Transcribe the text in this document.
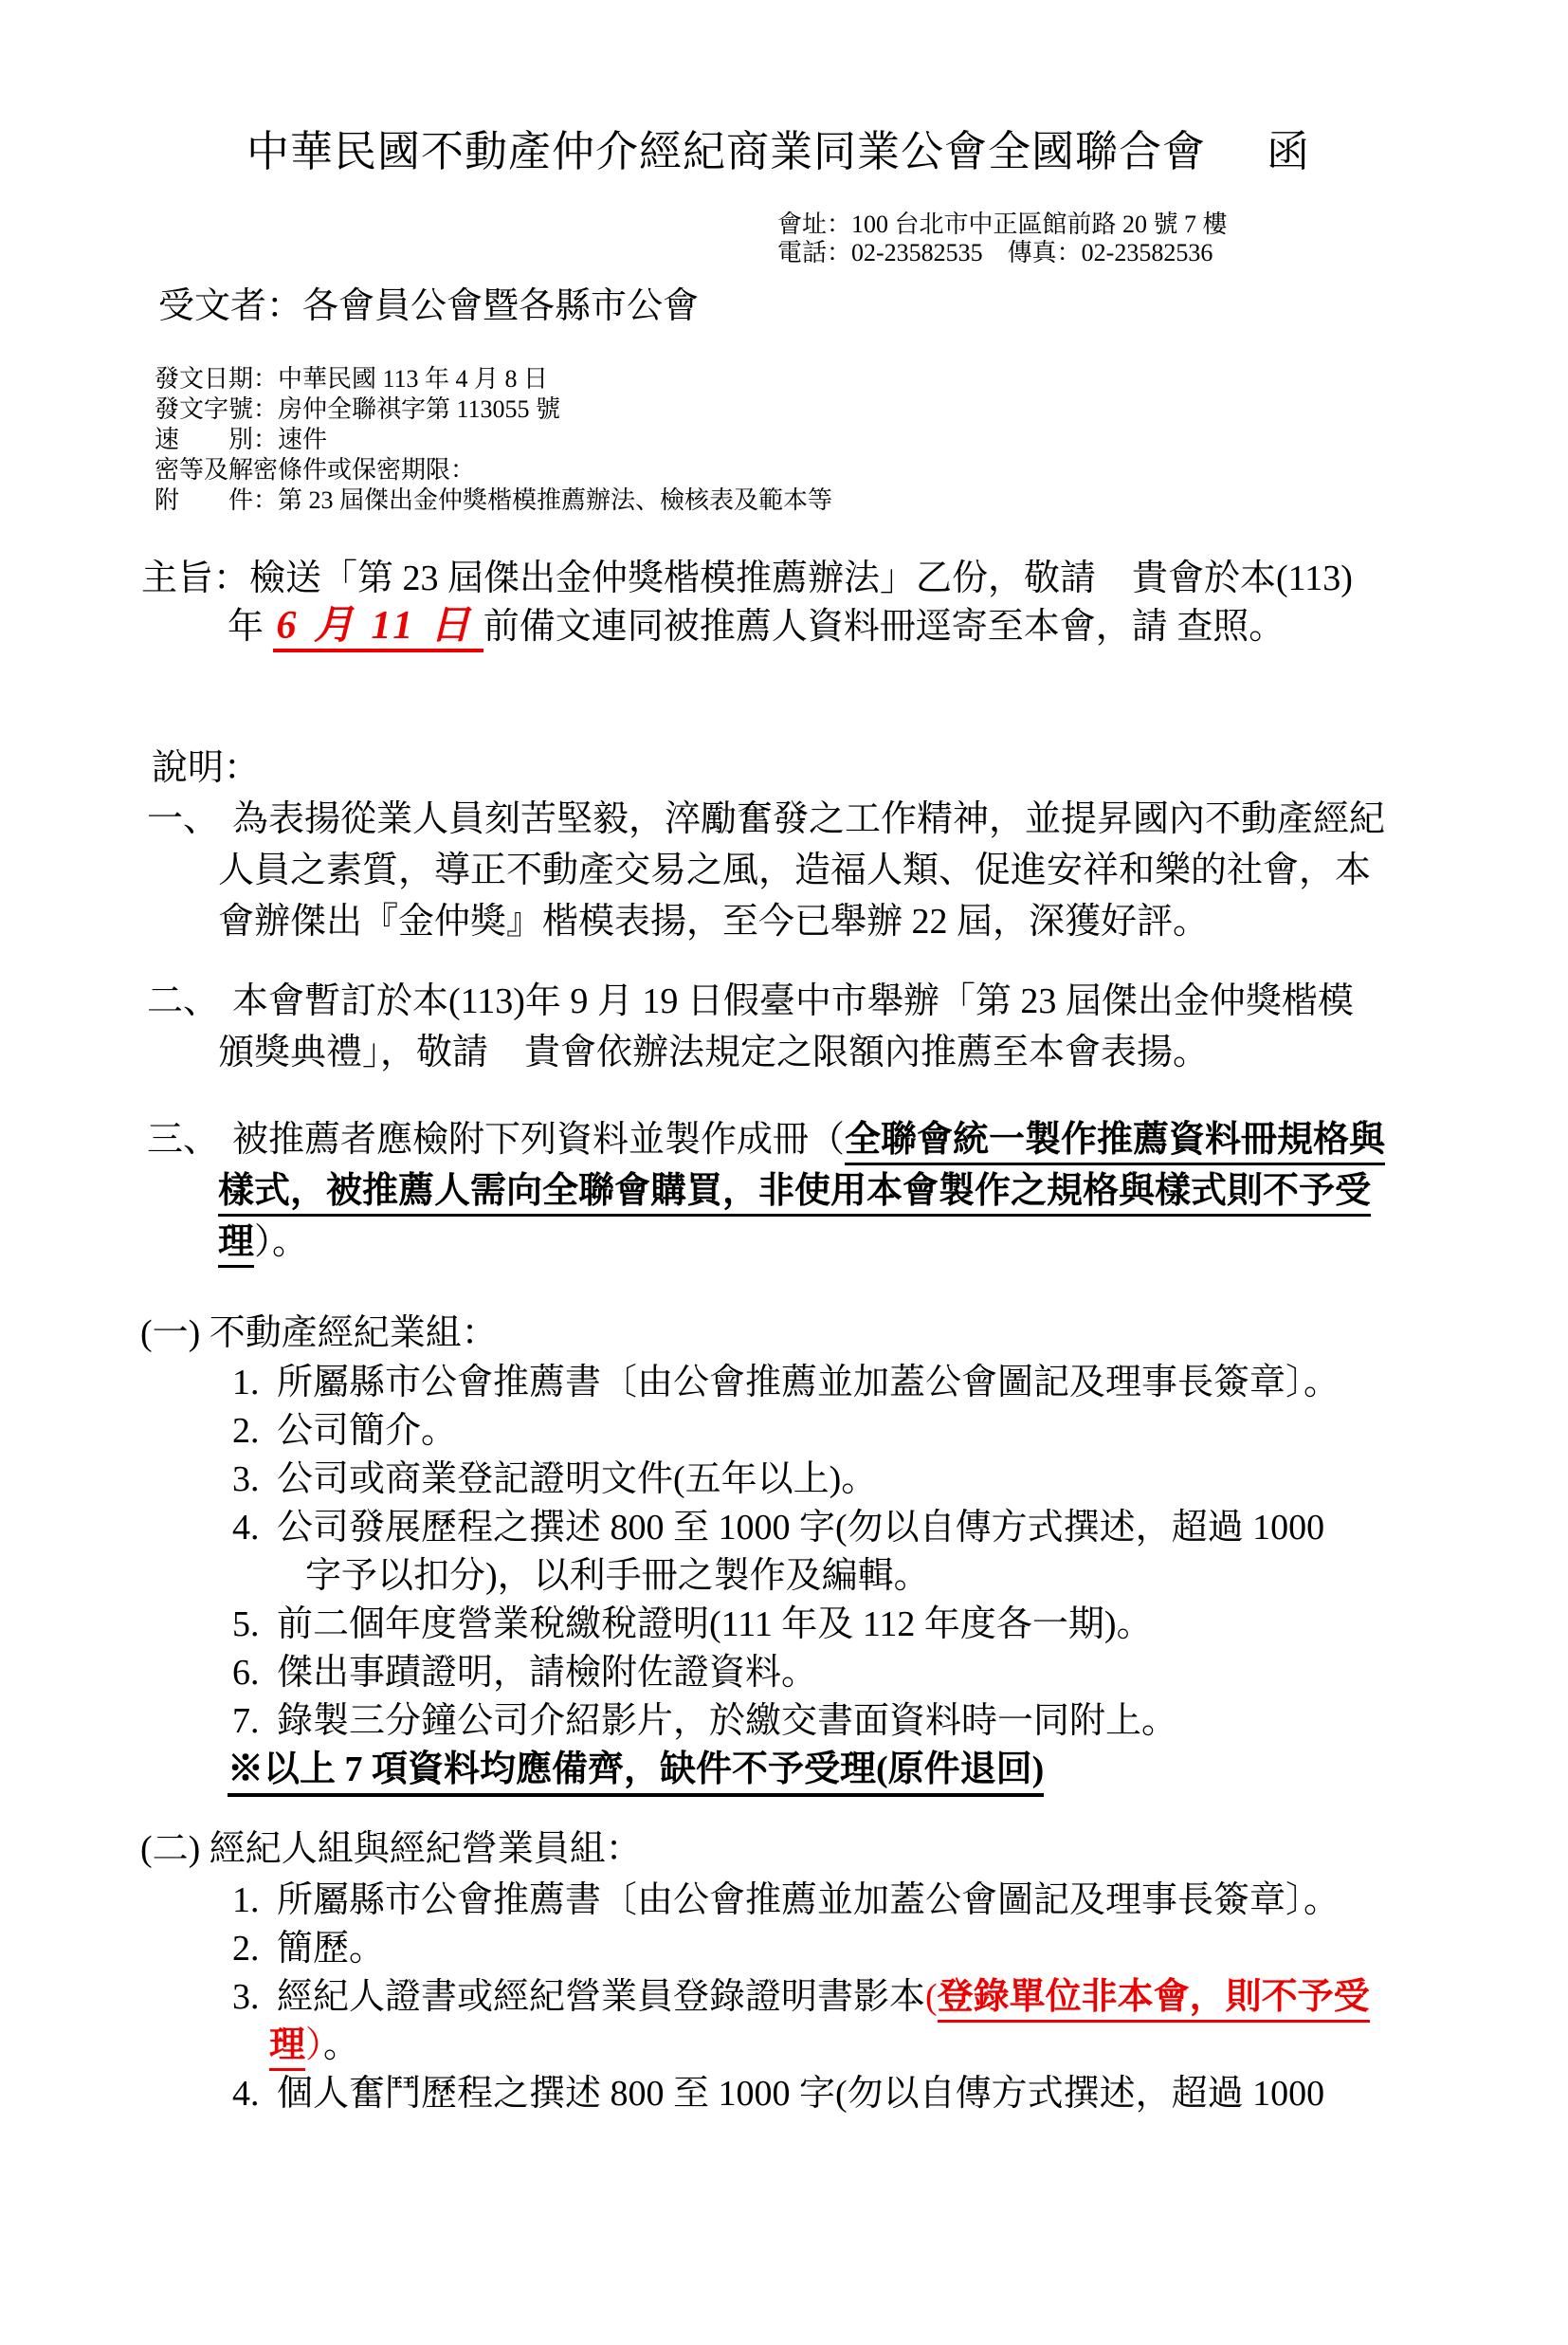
中華民國不動產仲介經紀商業同業公會全國聯合會 函
會址：100 台北市中正區館前路 20 號 7 樓
電話：02-23582535　傳真：02-23582536
受文者：各會員公會暨各縣市公會
發文日期：中華民國 113 年 4 月 8 日
發文字號：房仲全聯祺字第 113055 號
速　　別：速件
密等及解密條件或保密期限：
附　　件：第 23 屆傑出金仲獎楷模推薦辦法、檢核表及範本等
主旨：檢送「第 23 屆傑出金仲獎楷模推薦辦法」乙份，敬請　貴會於本(113)
年 6 月 11 日 前備文連同被推薦人資料冊逕寄至本會，請 查照。
說明：
一、 為表揚從業人員刻苦堅毅，淬勵奮發之工作精神，並提昇國內不動產經紀
人員之素質，導正不動產交易之風，造福人類、促進安祥和樂的社會，本
會辦傑出『金仲獎』楷模表揚，至今已舉辦 22 屆，深獲好評。
二、 本會暫訂於本(113)年 9 月 19 日假臺中市舉辦「第 23 屆傑出金仲獎楷模
頒獎典禮」，敬請　貴會依辦法規定之限額內推薦至本會表揚。
三、 被推薦者應檢附下列資料並製作成冊（全聯會統一製作推薦資料冊規格與
樣式，被推薦人需向全聯會購買，非使用本會製作之規格與樣式則不予受
理）。
(一) 不動產經紀業組：
1. 所屬縣市公會推薦書〔由公會推薦並加蓋公會圖記及理事長簽章〕。
2. 公司簡介。
3. 公司或商業登記證明文件(五年以上)。
4. 公司發展歷程之撰述 800 至 1000 字(勿以自傳方式撰述，超過 1000
字予以扣分)，以利手冊之製作及編輯。
5. 前二個年度營業稅繳稅證明(111 年及 112 年度各一期)。
6. 傑出事蹟證明，請檢附佐證資料。
7. 錄製三分鐘公司介紹影片，於繳交書面資料時一同附上。
※以上 7 項資料均應備齊，缺件不予受理(原件退回)
(二) 經紀人組與經紀營業員組：
1. 所屬縣市公會推薦書〔由公會推薦並加蓋公會圖記及理事長簽章〕。
2. 簡歷。
3. 經紀人證書或經紀營業員登錄證明書影本(登錄單位非本會，則不予受
理）。
4. 個人奮鬥歷程之撰述 800 至 1000 字(勿以自傳方式撰述，超過 1000
